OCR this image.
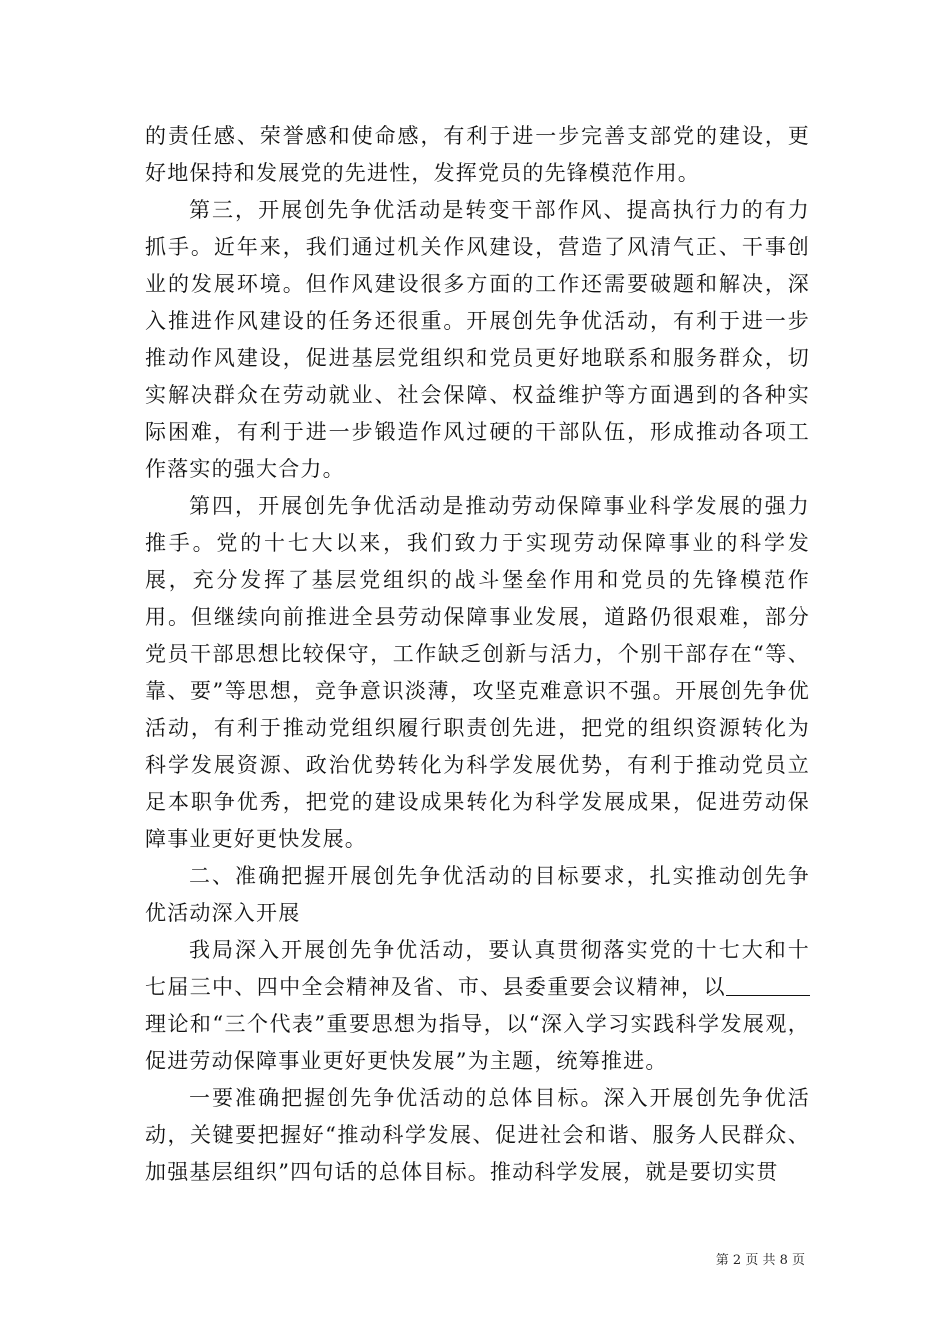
的责任感、荣誉感和使命感，有利于进一步完善支部党的建设，更好地保持和发展党的先进性，发挥党员的先锋模范作用。

第三，开展创先争优活动是转变干部作风、提高执行力的有力抓手。近年来，我们通过机关作风建设，营造了风清气正、干事创业的发展环境。但作风建设很多方面的工作还需要破题和解决，深入推进作风建设的任务还很重。开展创先争优活动，有利于进一步推动作风建设，促进基层党组织和党员更好地联系和服务群众，切实解决群众在劳动就业、社会保障、权益维护等方面遇到的各种实际困难，有利于进一步锻造作风过硬的干部队伍，形成推动各项工作落实的强大合力。

第四，开展创先争优活动是推动劳动保障事业科学发展的强力推手。党的十七大以来，我们致力于实现劳动保障事业的科学发展，充分发挥了基层党组织的战斗堡垒作用和党员的先锋模范作用。但继续向前推进全县劳动保障事业发展，道路仍很艰难，部分党员干部思想比较保守，工作缺乏创新与活力，个别干部存在“等、靠、要”等思想，竞争意识淡薄，攻坚克难意识不强。开展创先争优活动，有利于推动党组织履行职责创先进，把党的组织资源转化为科学发展资源、政治优势转化为科学发展优势，有利于推动党员立足本职争优秀，把党的建设成果转化为科学发展成果，促进劳动保障事业更好更快发展。

二、准确把握开展创先争优活动的目标要求，扎实推动创先争优活动深入开展

我局深入开展创先争优活动，要认真贯彻落实党的十七大和十七届三中、四中全会精神及省、市、县委重要会议精神，以理论和“三个代表”重要思想为指导，以“深入学习实践科学发展观，促进劳动保障事业更好更快发展”为主题，统筹推进。

一要准确把握创先争优活动的总体目标。深入开展创先争优活动，关键要把握好“推动科学发展、促进社会和谐、服务人民群众、加强基层组织”四句话的总体目标。推动科学发展，就是要切实贯

第 2 页 共 8 页
